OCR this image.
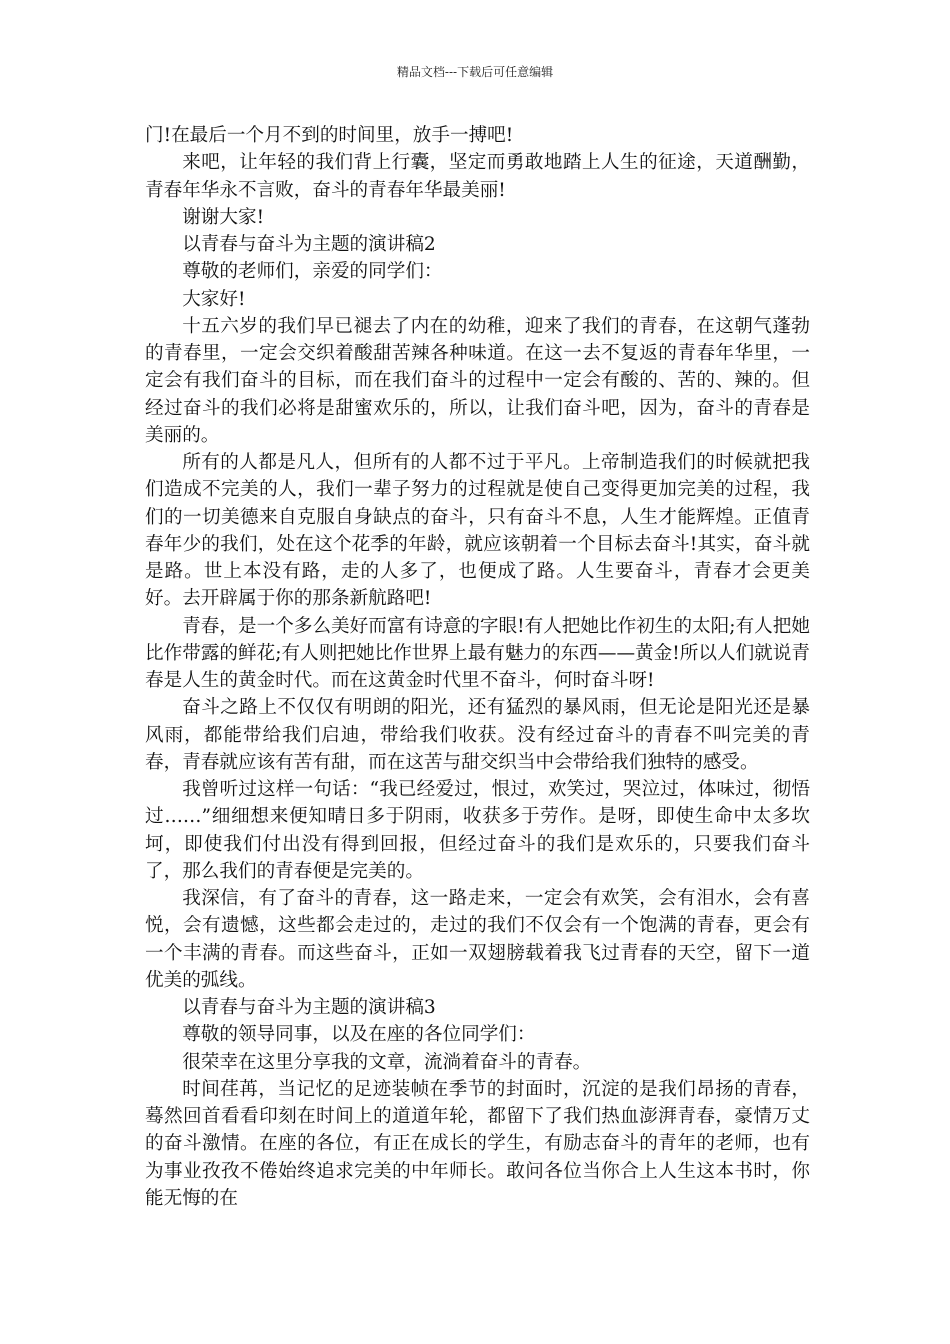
精品文档---下载后可任意编辑

门!在最后一个月不到的时间里，放手一搏吧!

来吧，让年轻的我们背上行囊，坚定而勇敢地踏上人生的征途，天道酬勤，青春年华永不言败，奋斗的青春年华最美丽!

谢谢大家!

以青春与奋斗为主题的演讲稿2

尊敬的老师们，亲爱的同学们：

大家好!

十五六岁的我们早已褪去了内在的幼稚，迎来了我们的青春，在这朝气蓬勃的青春里，一定会交织着酸甜苦辣各种味道。在这一去不复返的青春年华里，一定会有我们奋斗的目标，而在我们奋斗的过程中一定会有酸的、苦的、辣的。但经过奋斗的我们必将是甜蜜欢乐的，所以，让我们奋斗吧，因为，奋斗的青春是美丽的。

所有的人都是凡人，但所有的人都不过于平凡。上帝制造我们的时候就把我们造成不完美的人，我们一辈子努力的过程就是使自己变得更加完美的过程，我们的一切美德来自克服自身缺点的奋斗，只有奋斗不息，人生才能辉煌。正值青春年少的我们，处在这个花季的年龄，就应该朝着一个目标去奋斗!其实，奋斗就是路。世上本没有路，走的人多了，也便成了路。人生要奋斗，青春才会更美好。去开辟属于你的那条新航路吧!

青春，是一个多么美好而富有诗意的字眼!有人把她比作初生的太阳;有人把她比作带露的鲜花;有人则把她比作世界上最有魅力的东西——黄金!所以人们就说青春是人生的黄金时代。而在这黄金时代里不奋斗，何时奋斗呀!

奋斗之路上不仅仅有明朗的阳光，还有猛烈的暴风雨，但无论是阳光还是暴风雨，都能带给我们启迪，带给我们收获。没有经过奋斗的青春不叫完美的青春，青春就应该有苦有甜，而在这苦与甜交织当中会带给我们独特的感受。

我曾听过这样一句话：“我已经爱过，恨过，欢笑过，哭泣过，体味过，彻悟过……”细细想来便知晴日多于阴雨，收获多于劳作。是呀，即使生命中太多坎坷，即使我们付出没有得到回报，但经过奋斗的我们是欢乐的，只要我们奋斗了，那么我们的青春便是完美的。

我深信，有了奋斗的青春，这一路走来，一定会有欢笑，会有泪水，会有喜悦，会有遗憾，这些都会走过的，走过的我们不仅会有一个饱满的青春，更会有一个丰满的青春。而这些奋斗，正如一双翅膀载着我飞过青春的天空，留下一道优美的弧线。

以青春与奋斗为主题的演讲稿3

尊敬的领导同事，以及在座的各位同学们：

很荣幸在这里分享我的文章，流淌着奋斗的青春。

时间荏苒，当记忆的足迹装帧在季节的封面时，沉淀的是我们昂扬的青春，蓦然回首看看印刻在时间上的道道年轮，都留下了我们热血澎湃青春，豪情万丈的奋斗激情。在座的各位，有正在成长的学生，有励志奋斗的青年的老师，也有为事业孜孜不倦始终追求完美的中年师长。敢问各位当你合上人生这本书时，你能无悔的在
